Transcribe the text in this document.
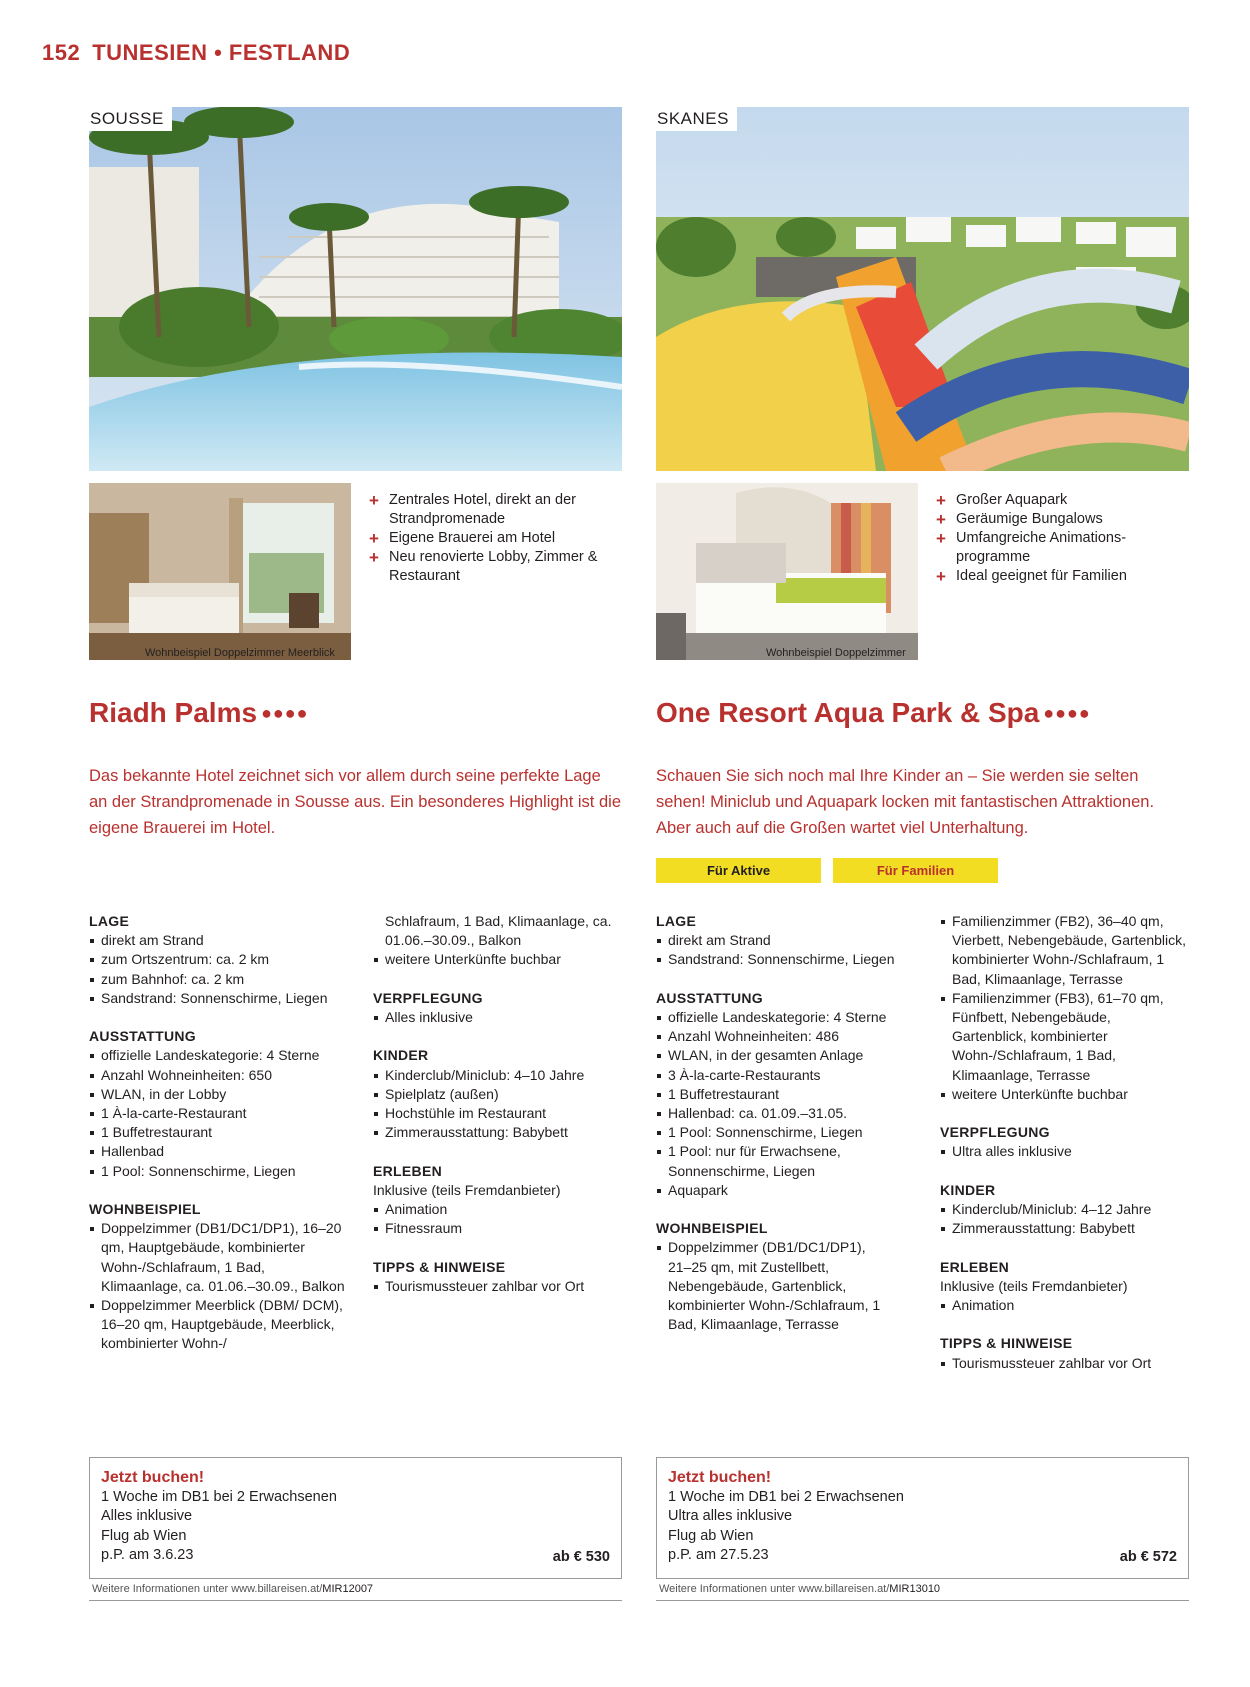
152 TUNESIEN • FESTLAND
SOUSSE
Wohnbeispiel Doppelzimmer Meerblick
+ Zentrales Hotel, direkt an der Strandpromenade
+ Eigene Brauerei am Hotel
+ Neu renovierte Lobby, Zimmer & Restaurant
Riadh Palms ●●●●

Das bekannte Hotel zeichnet sich vor allem durch seine perfekte Lage an der Strandpromenade in Sousse aus. Ein besonderes Highlight ist die eigene Brauerei im Hotel.

LAGE
direkt am Strand
zum Ortszentrum: ca. 2 km
zum Bahnhof: ca. 2 km
Sandstrand: Sonnenschirme, Liegen
AUSSTATTUNG
offizielle Landeskategorie: 4 Sterne
Anzahl Wohneinheiten: 650
WLAN, in der Lobby
1 À-la-carte-Restaurant
1 Buffetrestaurant
Hallenbad
1 Pool: Sonnenschirme, Liegen
WOHNBEISPIEL
Doppelzimmer (DB1/DC1/DP1), 16–20 qm, Hauptgebäude, kombinierter Wohn-/Schlafraum, 1 Bad, Klimaanlage, ca. 01.06.–30.09., Balkon
Doppelzimmer Meerblick (DBM/ DCM), 16–20 qm, Hauptgebäude, Meerblick, kombinierter Wohn-/
Schlafraum, 1 Bad, Klimaanlage, ca. 01.06.–30.09., Balkon
weitere Unterkünfte buchbar
VERPFLEGUNG
Alles inklusive
KINDER
Kinderclub/Miniclub: 4–10 Jahre
Spielplatz (außen)
Hochstühle im Restaurant
Zimmerausstattung: Babybett
ERLEBEN

Inklusive (teils Fremdanbieter)

Animation
Fitnessraum
TIPPS & HINWEISE
Tourismussteuer zahlbar vor Ort
Jetzt buchen!
1 Woche im DB1 bei 2 Erwachsenen
Alles inklusive
Flug ab Wien
p.P. am 3.6.23	ab € 530
Weitere Informationen unter www.billareisen.at/MIR12007
SKANES
Wohnbeispiel Doppelzimmer
+ Großer Aquapark
+ Geräumige Bungalows
+ Umfangreiche Animationsprogramme
+ Ideal geeignet für Familien
One Resort Aqua Park & Spa ●●●●

Schauen Sie sich noch mal Ihre Kinder an – Sie werden sie selten sehen! Miniclub und Aquapark locken mit fantastischen Attraktionen. Aber auch auf die Großen wartet viel Unterhaltung.

Für Aktive	Für Familien
LAGE
direkt am Strand
Sandstrand: Sonnenschirme, Liegen
AUSSTATTUNG
offizielle Landeskategorie: 4 Sterne
Anzahl Wohneinheiten: 486
WLAN, in der gesamten Anlage
3 À-la-carte-Restaurants
1 Buffetrestaurant
Hallenbad: ca. 01.09.–31.05.
1 Pool: Sonnenschirme, Liegen
1 Pool: nur für Erwachsene, Sonnenschirme, Liegen
Aquapark
WOHNBEISPIEL
Doppelzimmer (DB1/DC1/DP1), 21–25 qm, mit Zustellbett, Nebengebäude, Gartenblick, kombinierter Wohn-/Schlafraum, 1 Bad, Klimaanlage, Terrasse
Familienzimmer (FB2), 36–40 qm, Vierbett, Nebengebäude, Gartenblick, kombinierter Wohn-/Schlafraum, 1 Bad, Klimaanlage, Terrasse
Familienzimmer (FB3), 61–70 qm, Fünfbett, Nebengebäude, Gartenblick, kombinierter Wohn-/Schlafraum, 1 Bad, Klimaanlage, Terrasse
weitere Unterkünfte buchbar
VERPFLEGUNG
Ultra alles inklusive
KINDER
Kinderclub/Miniclub: 4–12 Jahre
Zimmerausstattung: Babybett
ERLEBEN

Inklusive (teils Fremdanbieter)

Animation
TIPPS & HINWEISE
Tourismussteuer zahlbar vor Ort
Jetzt buchen!
1 Woche im DB1 bei 2 Erwachsenen
Ultra alles inklusive
Flug ab Wien
p.P. am 27.5.23	ab € 572
Weitere Informationen unter www.billareisen.at/MIR13010
